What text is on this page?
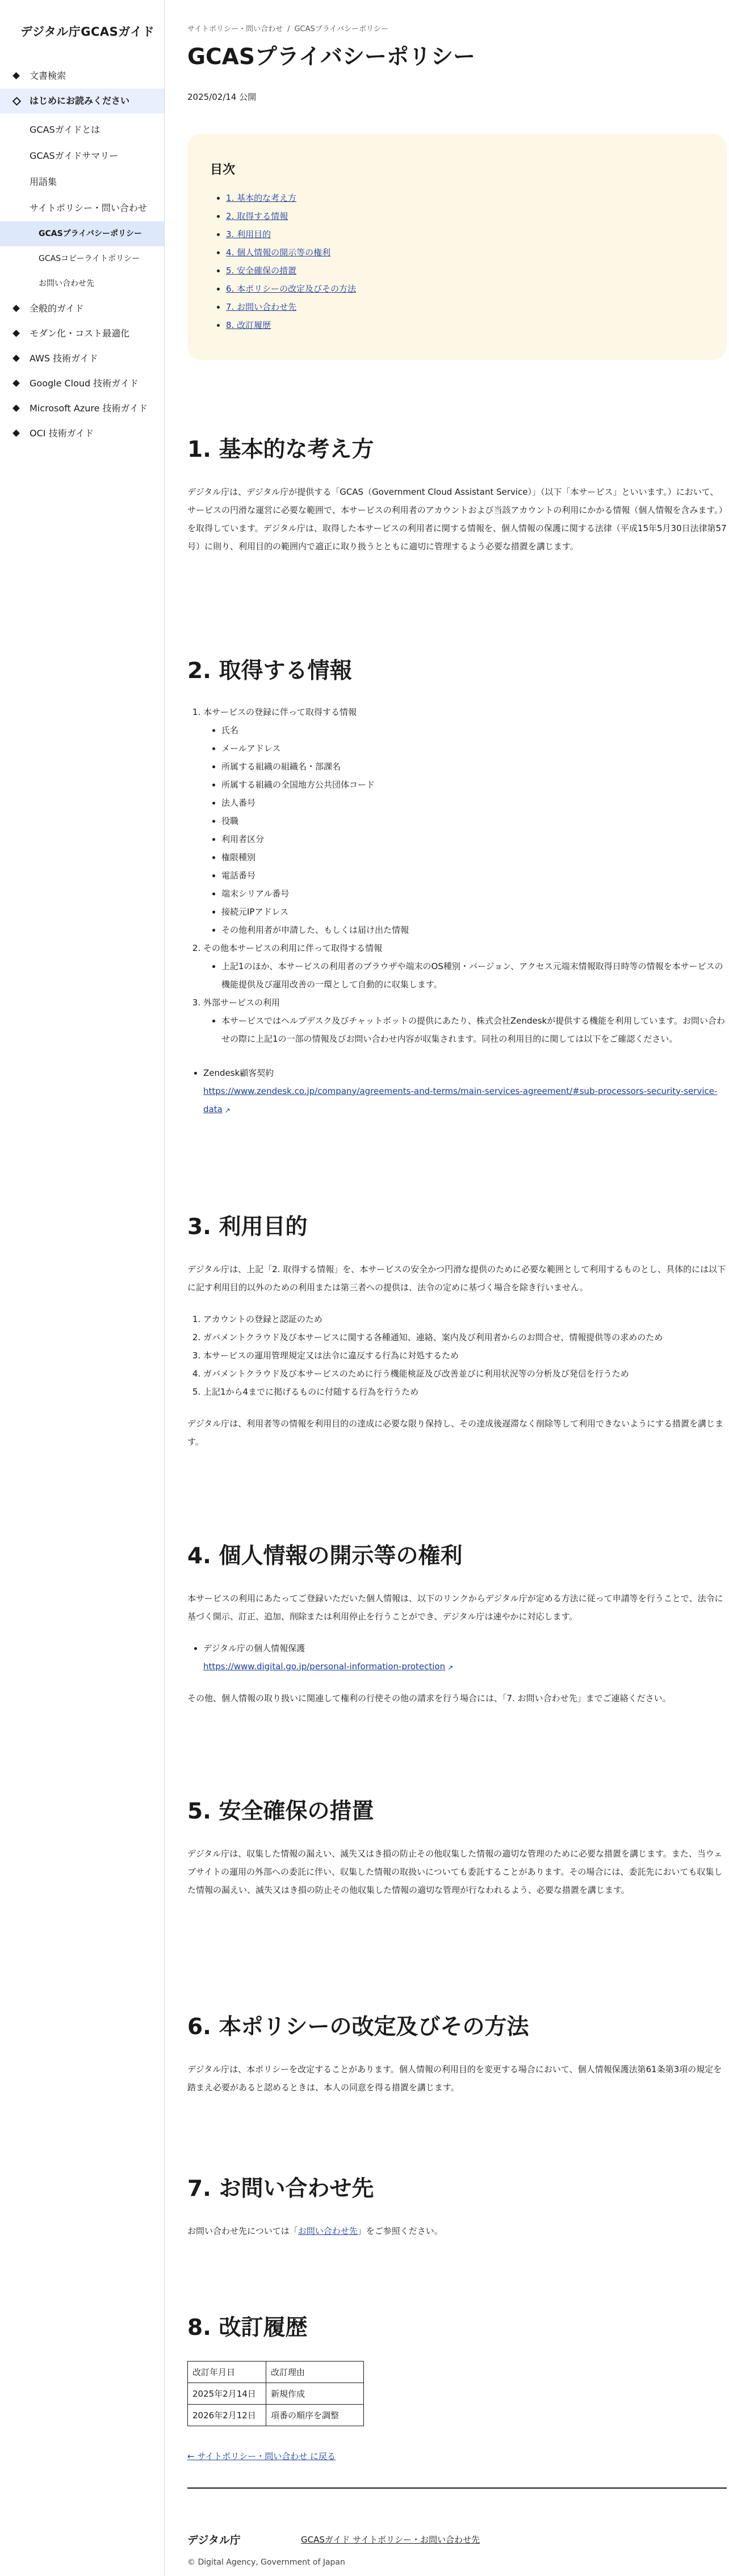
デジタル庁GCASガイド
文書検索
はじめにお読みください
GCASガイドとは
GCASガイドサマリー
用語集
サイトポリシー・問い合わせ
GCASプライバシーポリシー
GCASコピーライトポリシー
お問い合わせ先
全般的ガイド
モダン化・コスト最適化
AWS 技術ガイド
Google Cloud 技術ガイド
Microsoft Azure 技術ガイド
OCI 技術ガイド
サイトポリシー・問い合わせ / GCASプライバシーポリシー
GCASプライバシーポリシー
2025/02/14 公開
目次
• 1. 基本的な考え方
• 2. 取得する情報
• 3. 利用目的
• 4. 個人情報の開示等の権利
• 5. 安全確保の措置
• 6. 本ポリシーの改定及びその方法
• 7. お問い合わせ先
• 8. 改訂履歴
1. 基本的な考え方

デジタル庁は、デジタル庁が提供する「GCAS（Government Cloud Assistant Service）」（以下「本サービス」といいます。）において、サービスの円滑な運営に必要な範囲で、本サービスの利用者のアカウントおよび当該アカウントの利用にかかる情報（個人情報を含みます。）を取得しています。デジタル庁は、取得した本サービスの利用者に関する情報を、個人情報の保護に関する法律（平成15年5月30日法律第57号）に則り、利用目的の範囲内で適正に取り扱うとともに適切に管理するよう必要な措置を講じます。

2. 取得する情報
1. 本サービスの登録に伴って取得する情報
• 氏名
• メールアドレス
• 所属する組織の組織名・部課名
• 所属する組織の全国地方公共団体コード
• 法人番号
• 役職
• 利用者区分
• 権限種別
• 電話番号
• 端末シリアル番号
• 接続元IPアドレス
• その他利用者が申請した、もしくは届け出た情報
2. その他本サービスの利用に伴って取得する情報
• 上記1のほか、本サービスの利用者のブラウザや端末のOS種別・バージョン、アクセス元端末情報取得日時等の情報を本サービスの機能提供及び運用改善の一環として自動的に収集します。
3. 外部サービスの利用
• 本サービスではヘルプデスク及びチャットボットの提供にあたり、株式会社Zendeskが提供する機能を利用しています。お問い合わせの際に上記1の一部の情報及びお問い合わせ内容が収集されます。同社の利用目的に関しては以下をご確認ください。
• Zendesk顧客契約
https://www.zendesk.co.jp/company/agreements-and-terms/main-services-agreement/#sub-processors-security-service-data ↗
3. 利用目的

デジタル庁は、上記「2. 取得する情報」を、本サービスの安全かつ円滑な提供のために必要な範囲として利用するものとし、具体的には以下に記す利用目的以外のための利用または第三者への提供は、法令の定めに基づく場合を除き行いません。

1. アカウントの登録と認証のため
2. ガバメントクラウド及び本サービスに関する各種通知、連絡、案内及び利用者からのお問合せ、情報提供等の求めのため
3. 本サービスの運用管理規定又は法令に違反する行為に対処するため
4. ガバメントクラウド及び本サービスのために行う機能検証及び改善並びに利用状況等の分析及び発信を行うため
5. 上記1から4までに掲げるものに付随する行為を行うため

デジタル庁は、利用者等の情報を利用目的の達成に必要な限り保持し、その達成後遅滞なく削除等して利用できないようにする措置を講じます。

4. 個人情報の開示等の権利

本サービスの利用にあたってご登録いただいた個人情報は、以下のリンクからデジタル庁が定める方法に従って申請等を行うことで、法令に基づく開示、訂正、追加、削除または利用停止を行うことができ、デジタル庁は速やかに対応します。

• デジタル庁の個人情報保護
https://www.digital.go.jp/personal-information-protection ↗

その他、個人情報の取り扱いに関連して権利の行使その他の請求を行う場合には、「7. お問い合わせ先」までご連絡ください。

5. 安全確保の措置

デジタル庁は、収集した情報の漏えい、滅失又はき損の防止その他収集した情報の適切な管理のために必要な措置を講じます。また、当ウェブサイトの運用の外部への委託に伴い、収集した情報の取扱いについても委託することがあります。その場合には、委託先においても収集した情報の漏えい、滅失又はき損の防止その他収集した情報の適切な管理が行なわれるよう、必要な措置を講じます。

6. 本ポリシーの改定及びその方法

デジタル庁は、本ポリシーを改定することがあります。個人情報の利用目的を変更する場合において、個人情報保護法第61条第3項の規定を踏まえ必要があると認めるときは、本人の同意を得る措置を講じます。

7. お問い合わせ先

お問い合わせ先については「お問い合わせ先」をご参照ください。

8. 改訂履歴
改訂年月日	改訂理由
2025年2月14日	新規作成
2026年2月12日	項番の順序を調整
← サイトポリシー・問い合わせ に戻る
デジタル庁	GCASガイド サイトポリシー・お問い合わせ先
© Digital Agency, Government of Japan
